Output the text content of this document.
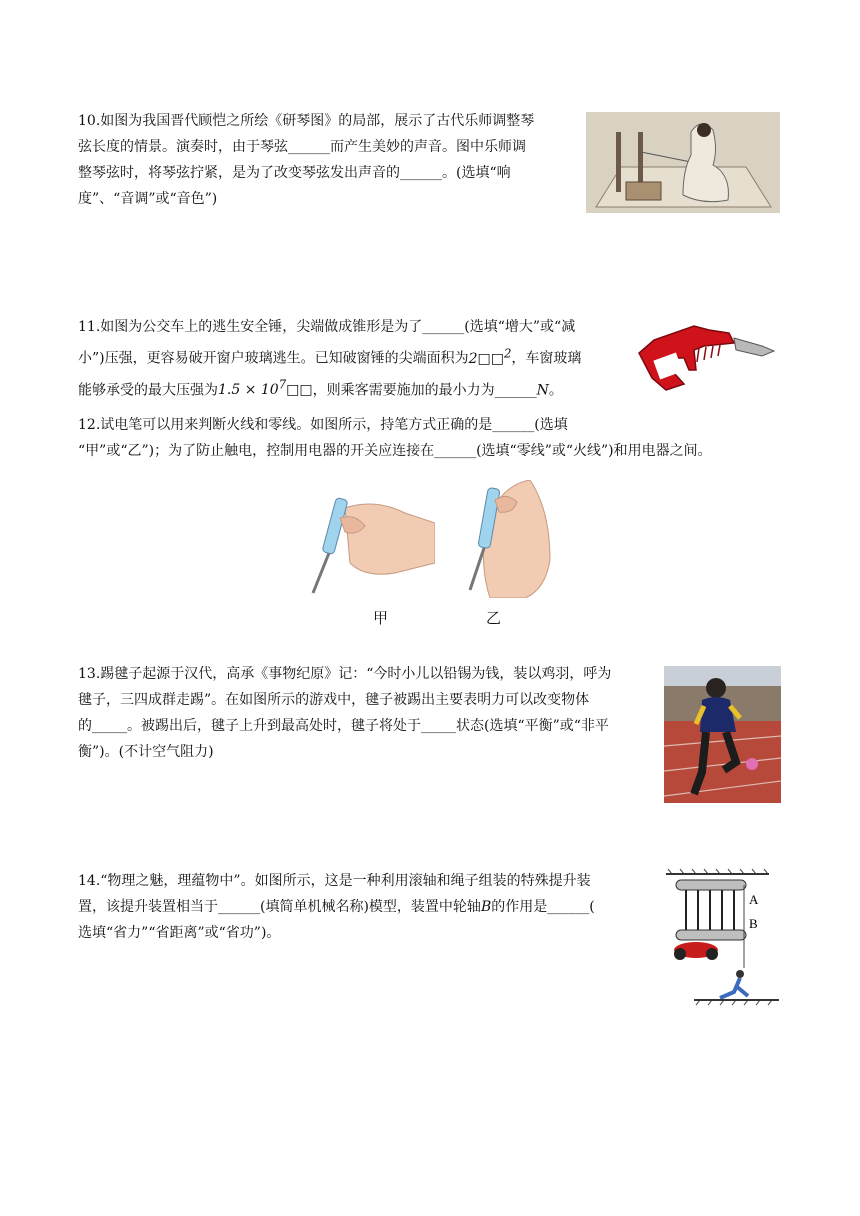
10.如图为我国晋代顾恺之所绘《研琴图》的局部，展示了古代乐师调整琴

弦长度的情景。演奏时，由于琴弦______而产生美妙的声音。图中乐师调

整琴弦时，将琴弦拧紧，是为了改变琴弦发出声音的______。(选填“响

度”、“音调”或“音色”)

11.如图为公交车上的逃生安全锤，尖端做成锥形是为了______(选填“增大”或“减

小”)压强，更容易破开窗户玻璃逃生。已知破窗锤的尖端面积为2□□$^2$，车窗玻璃

能够承受的最大压强为$1.5 \times 10^7□□$，则乘客需要施加的最小力为______N。

12.试电笔可以用来判断火线和零线。如图所示，持笔方式正确的是______(选填

“甲”或“乙”)；为了防止触电，控制用电器的开关应连接在______(选填“零线”或“火线”)和用电器之间。

甲	乙

13.踢毽子起源于汉代，高承《事物纪原》记：“今时小儿以铅锡为钱，装以鸡羽，呼为

毽子，三四成群走踢”。在如图所示的游戏中，毽子被踢出主要表明力可以改变物体

的_____。被踢出后，毽子上升到最高处时，毽子将处于_____状态(选填“平衡”或“非平

衡”)。(不计空气阻力)

14.“物理之魅，理蕴物中”。如图所示，这是一种利用滚轴和绳子组装的特殊提升装

置，该提升装置相当于______(填简单机械名称)模型，装置中轮轴B的作用是______(

选填“省力”“省距离”或“省功”)。

A
B
